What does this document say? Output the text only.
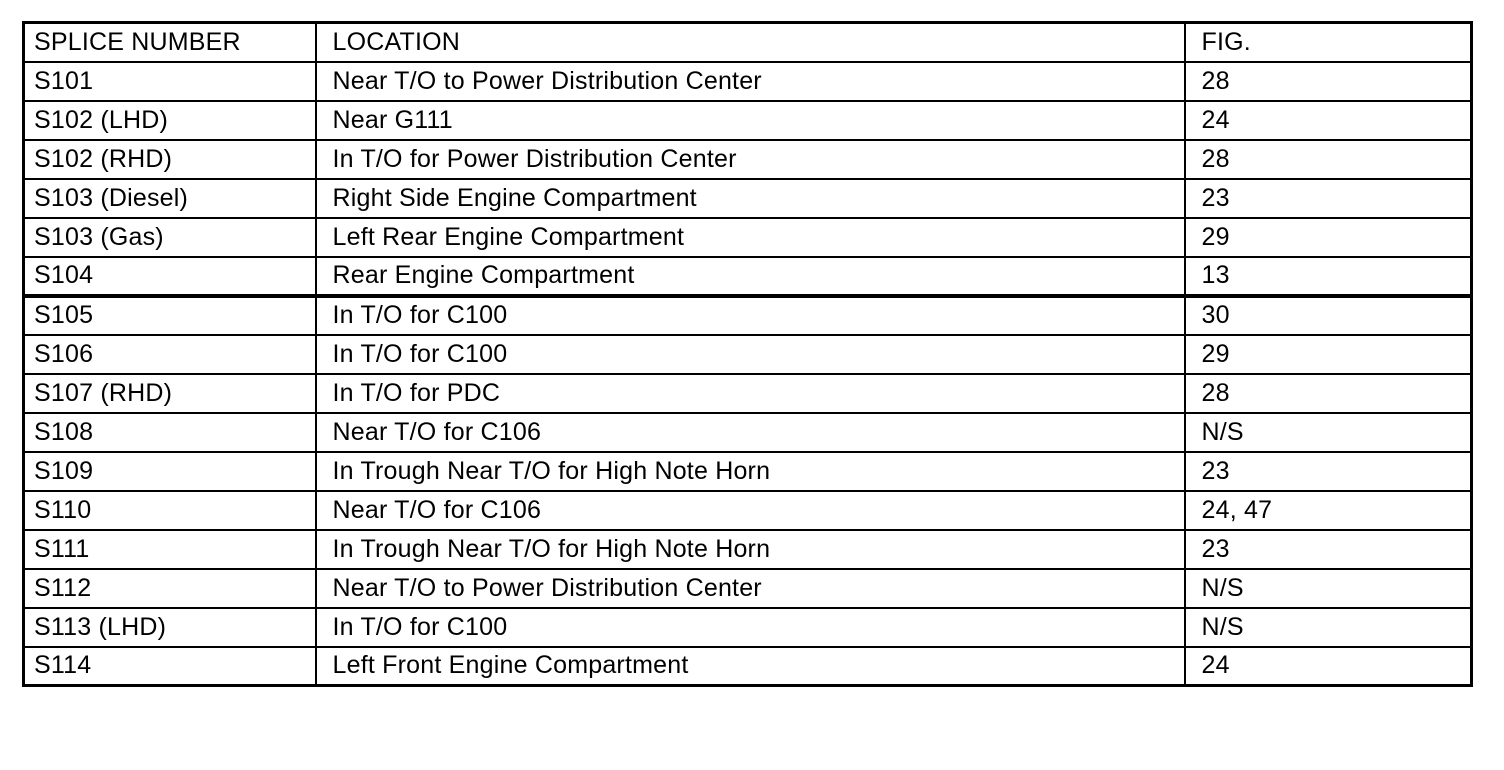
SPLICE NUMBER	LOCATION	FIG.
S101	Near T/O to Power Distribution Center	28
S102 (LHD)	Near G111	24
S102 (RHD)	In T/O for Power Distribution Center	28
S103 (Diesel)	Right Side Engine Compartment	23
S103 (Gas)	Left Rear Engine Compartment	29
S104	Rear Engine Compartment	13
S105	In T/O for C100	30
S106	In T/O for C100	29
S107 (RHD)	In T/O for PDC	28
S108	Near T/O for C106	N/S
S109	In Trough Near T/O for High Note Horn	23
S110	Near T/O for C106	24, 47
S111	In Trough Near T/O for High Note Horn	23
S112	Near T/O to Power Distribution Center	N/S
S113 (LHD)	In T/O for C100	N/S
S114	Left Front Engine Compartment	24
